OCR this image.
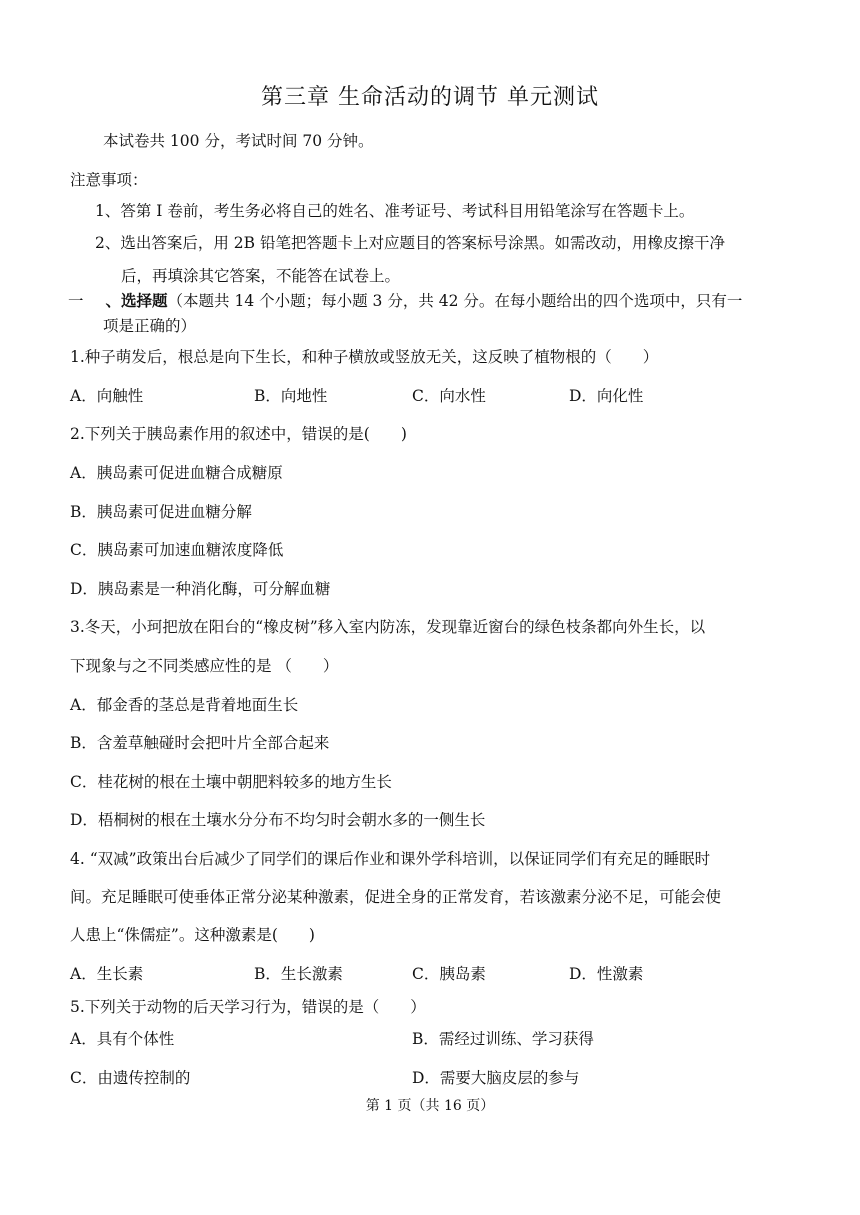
第三章 生命活动的调节 单元测试
本试卷共 100 分，考试时间 70 分钟。
注意事项：
1、答第 I 卷前，考生务必将自己的姓名、准考证号、考试科目用铅笔涂写在答题卡上。
2、选出答案后，用 2B 铅笔把答题卡上对应题目的答案标号涂黑。如需改动，用橡皮擦干净
后，再填涂其它答案，不能答在试卷上。
一 、选择题（本题共 14 个小题；每小题 3 分，共 42 分。在每小题给出的四个选项中，只有一
项是正确的）
1.种子萌发后，根总是向下生长，和种子横放或竖放无关，这反映了植物根的（　　）
A．向触性	B．向地性	C．向水性	D．向化性
2.下列关于胰岛素作用的叙述中，错误的是(　　)
A．胰岛素可促进血糖合成糖原
B．胰岛素可促进血糖分解
C．胰岛素可加速血糖浓度降低
D．胰岛素是一种消化酶，可分解血糖
3.冬天，小珂把放在阳台的“橡皮树”移入室内防冻，发现靠近窗台的绿色枝条都向外生长，以
下现象与之不同类感应性的是 （　　）
A．郁金香的茎总是背着地面生长
B．含羞草触碰时会把叶片全部合起来
C．桂花树的根在土壤中朝肥料较多的地方生长
D．梧桐树的根在土壤水分分布不均匀时会朝水多的一侧生长
4. “双减”政策出台后减少了同学们的课后作业和课外学科培训，以保证同学们有充足的睡眠时
间。充足睡眠可使垂体正常分泌某种激素，促进全身的正常发育，若该激素分泌不足，可能会使
人患上“侏儒症”。这种激素是(　　)
A．生长素	B．生长激素	C．胰岛素	D．性激素
5.下列关于动物的后天学习行为，错误的是（　　）
A．具有个体性	B．需经过训练、学习获得
C．由遗传控制的	D．需要大脑皮层的参与
第 1 页（共 16 页）
